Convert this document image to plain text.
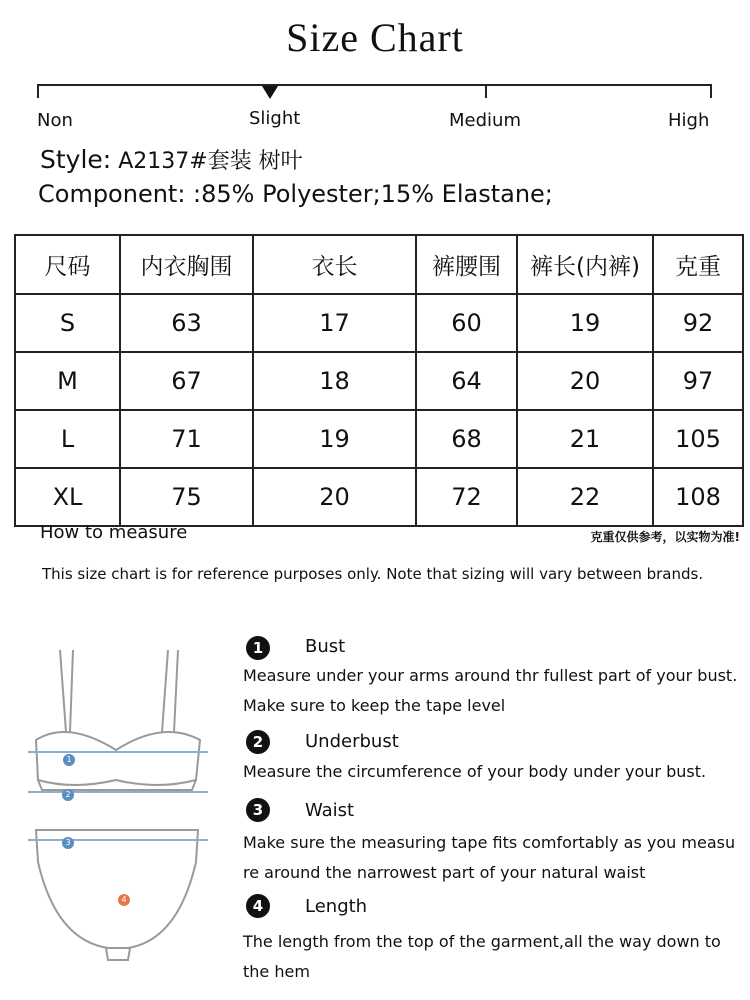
Size Chart
Non	Slight	Medium	High
Style: A2137#套装 树叶
Component: :85% Polyester;15% Elastane;
尺码	内衣胸围	衣长	裤腰围	裤长(内裤)	克重
S	63	17	60	19	92
M	67	18	64	20	97
L	71	19	68	21	105
XL	75	20	72	22	108
How to measure	克重仅供参考，以实物为准!
This size chart is for reference purposes only. Note that sizing will vary between brands.
1
2
3
4
1	Bust
Measure under your arms around thr fullest part of your bust.
Make sure to keep the tape level
2	Underbust
Measure the circumference of your body under your bust.
3	Waist
Make sure the measuring tape fits comfortably as you measu
re around the narrowest part of your natural waist
4	Length
The length from the top of the garment,all the way down to
the hem
